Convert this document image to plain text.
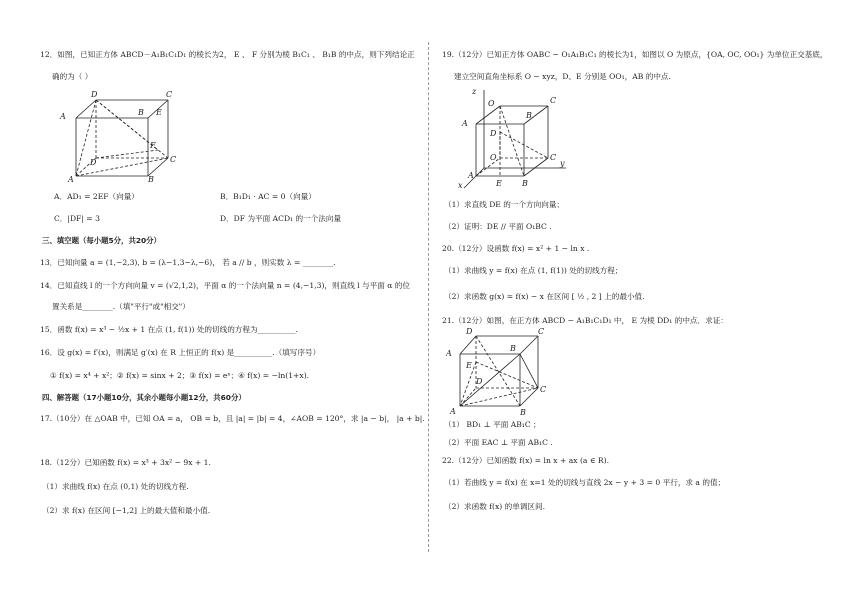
12．如图，已知正方体 ABCD－A₁B₁C₁D₁ 的棱长为2， E 、 F 分别为棱 B₁C₁ 、 B₁B 的中点，则下列结论正
确的为（ ）
D	C
A	B E
F
D	C
A	B
A．AD₁ = 2EF（向量）	B．B₁D₁ · AC = 0（向量）
C．|DF| = 3	D．DF 为平面 ACD₁ 的一个法向量
三、填空题（每小题5分，共20分）
13．已知向量 a = (1,−2,3), b = (λ−1,3−λ,−6)， 若 a // b ，则实数 λ = ________.
14．已知直线 l 的一个方向向量 v = (√2,1,2)，平面 α 的一个法向量 n = (4,−1,3)，则直线 l 与平面 α 的位
置关系是________.（填"平行"或"相交"）
15．函数 f(x) = x³ − ½x + 1 在点 (1, f(1)) 处的切线的方程为__________.
16．设 g(x) = f′(x)，则满足 g′(x) 在 R 上恒正的 f(x) 是__________.（填写序号）
① f(x) = x⁴ + x²；② f(x) = sinx + 2；③ f(x) = eˣ；④ f(x) = −ln(1+x).
四、解答题（17小题10分，其余小题每小题12分，共60分）
17.（10分）在 △OAB 中，已知 OA = a， OB = b，且 |a| = |b| = 4，∠AOB = 120°，求 |a − b|， |a + b|.
18.（12分）已知函数 f(x) = x³ + 3x² − 9x + 1.
（1）求曲线 f(x) 在点 (0,1) 处的切线方程.
（2）求 f(x) 在区间 [−1,2] 上的最大值和最小值.
19.（12分）已知正方体 OABC − O₁A₁B₁C₁ 的棱长为1，如图以 O 为原点，{OA, OC, OO₁} 为单位正交基底，
建立空间直角坐标系 O − xyz，D、E 分别是 OO₁，AB 的中点.
z
O
A
B
C
D
O	C
y
A
E	B
x
（1）求直线 DE 的一个方向向量；
（2）证明：DE // 平面 O₁BC .
20.（12分）设函数 f(x) = x² + 1 − ln x .
（1）求曲线 y = f(x) 在点 (1, f(1)) 处的切线方程；
（2）求函数 g(x) = f(x) − x 在区间 [ ½ , 2 ] 上的最小值.
21.（12分）如图，在正方体 ABCD − A₁B₁C₁D₁ 中， E 为棱 DD₁ 的中点．求证：
D	C
A
B
E
D
C
A	B
（1） BD₁ ⊥ 平面 AB₁C ；
（2）平面 EAC ⊥ 平面 AB₁C .
22.（12分）已知函数 f(x) = ln x + ax (a ∈ R).
（1）若曲线 y = f(x) 在 x=1 处的切线与直线 2x − y + 3 = 0 平行，求 a 的值；
（2）求函数 f(x) 的单调区间.
